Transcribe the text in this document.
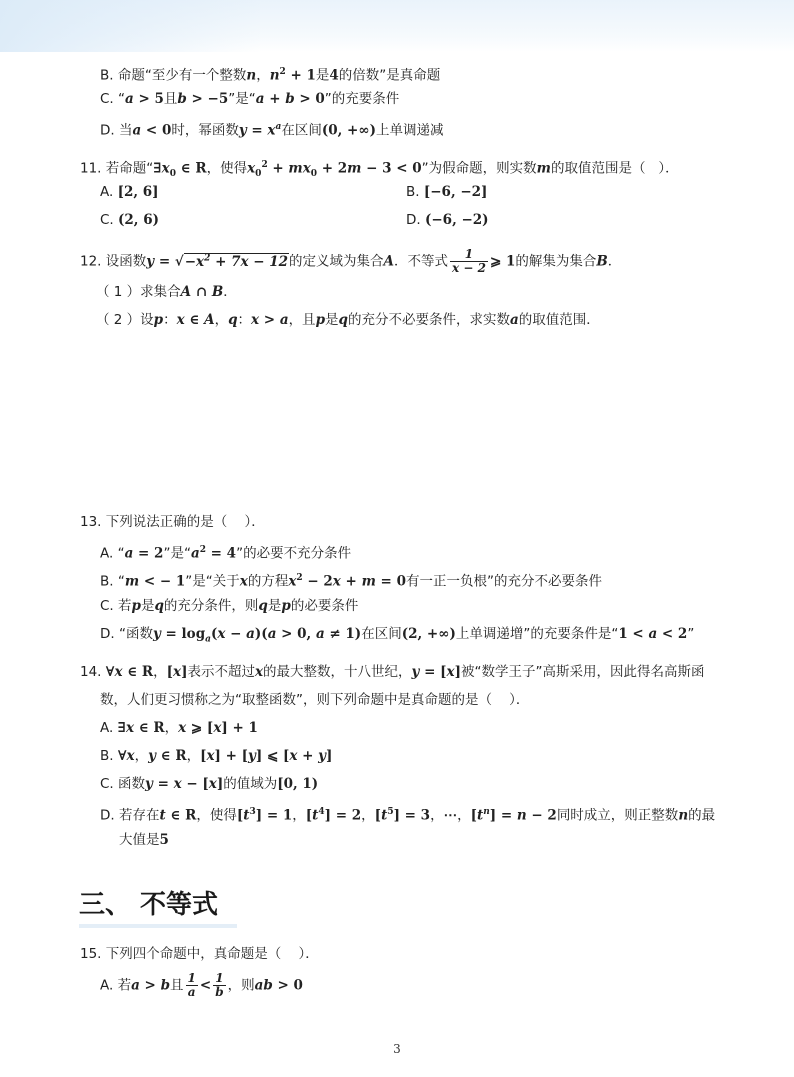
B. 命题“至少有一个整数n，$n^2 + 1$是4的倍数”是真命题
C. “a > 5且b > −5”是“a + b > 0”的充要条件
D. 当a < 0时，幂函数$y = x^a$在区间(0, +∞)上单调递减
11. 若命题“$\exists x_0$ ∈ R，使得$x_0^2 + mx_0 + 2m - 3 < 0$”为假命题，则实数m的取值范围是（   ）．
A. [2, 6]	B. [−6, −2]
C. (2, 6)	D. (−6, −2)
12. 设函数$y = √-x^2 + 7x - 12$的定义域为集合A．不等式 $\frac{1}{x - 2}$ ⩾ 1的解集为集合B．
（ 1 ）求集合A ∩ B．
（ 2 ）设p：x ∈ A，q：x > a，且p是q的充分不必要条件，求实数a的取值范围．
13. 下列说法正确的是（    ）．
A. “a = 2”是“$a^2 = 4$”的必要不充分条件
B. “m < − 1”是“关于x的方程$x^2 - 2x + m = 0$有一正一负根”的充分不必要条件
C. 若p是q的充分条件，则q是p的必要条件
D. “函数$y = \log_a(x - a)(a > 0$, a ≠ 1)在区间(2, +∞)上单调递增”的充要条件是“1 < a < 2”
14. ∀x ∈ R，[x]表示不超过x的最大整数，十八世纪，y = [x]被“数学王子”高斯采用，因此得名高斯函
数，人们更习惯称之为“取整函数”，则下列命题中是真命题的是（    ）．
A. ∃x ∈ R，x ⩾ [x] + 1
B. ∀x，y ∈ R，[x] + [y] ⩽ [x + y]
C. 函数y = x − [x]的值域为[0, 1)
D. 若存在t ∈ R，使得$[t^3] = 1$，$[t^4] = 2$，$[t^5] = 3$，⋯，$[t^n] = n - 2$同时成立，则正整数n的最
大值是5
三、 不等式
15. 下列四个命题中，真命题是（    ）．
A. 若a > b且 $\frac{1}{a} < \frac{1}{b}$ ，则ab > 0
3
